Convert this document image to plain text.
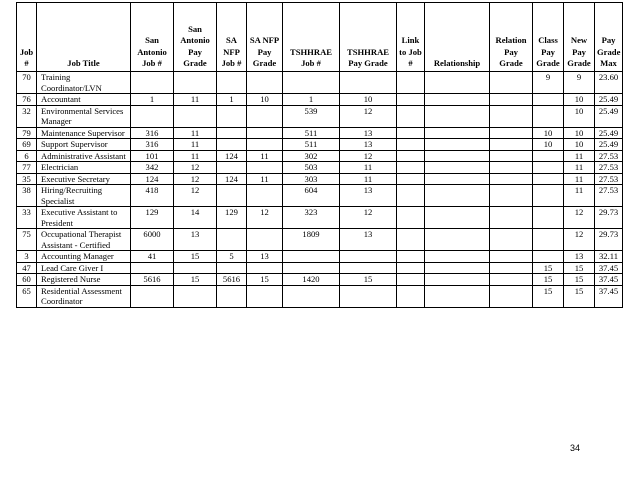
Job #	Job Title	San Antonio Job #	San Antonio Pay Grade	SA NFP Job #	SA NFP Pay Grade	TSHHRAE Job #	TSHHRAE Pay Grade	Link to Job #	Relationship	Relation Pay Grade	Class Pay Grade	New Pay Grade	Pay Grade Max
70	Training Coordinator/LVN										9	9	23.60
76	Accountant	1	11	1	10	1	10					10	25.49
32	Environmental Services Manager					539	12					10	25.49
79	Maintenance Supervisor	316	11			511	13				10	10	25.49
69	Support Supervisor	316	11			511	13				10	10	25.49
6	Administrative Assistant	101	11	124	11	302	12					11	27.53
77	Electrician	342	12			503	11					11	27.53
35	Executive Secretary	124	12	124	11	303	11					11	27.53
38	Hiring/Recruiting Specialist	418	12			604	13					11	27.53
33	Executive Assistant to President	129	14	129	12	323	12					12	29.73
75	Occupational Therapist Assistant - Certified	6000	13			1809	13					12	29.73
3	Accounting Manager	41	15	5	13							13	32.11
47	Lead Care Giver I										15	15	37.45
60	Registered Nurse	5616	15	5616	15	1420	15				15	15	37.45
65	Residential Assessment Coordinator										15	15	37.45
34
